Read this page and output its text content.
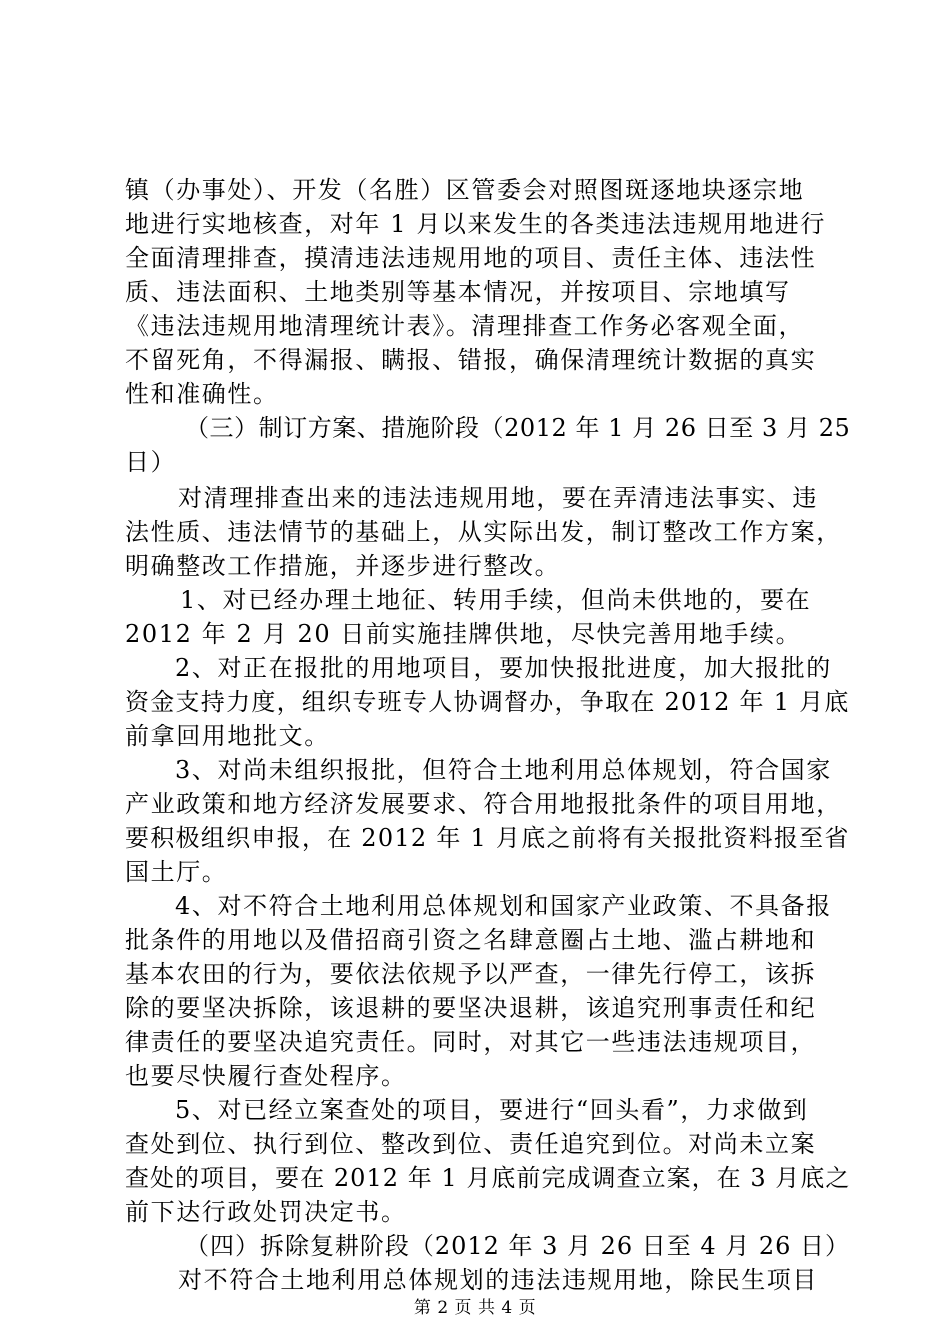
镇（办事处）、开发（名胜）区管委会对照图斑逐地块逐宗地
地进行实地核查，对年 1 月以来发生的各类违法违规用地进行
全面清理排查，摸清违法违规用地的项目、责任主体、违法性
质、违法面积、土地类别等基本情况，并按项目、宗地填写
《违法违规用地清理统计表》。清理排查工作务必客观全面，
不留死角，不得漏报、瞒报、错报，确保清理统计数据的真实
性和准确性。
（三）制订方案、措施阶段（2012 年 1 月 26 日至 3 月 25
日）
对清理排查出来的违法违规用地，要在弄清违法事实、违
法性质、违法情节的基础上，从实际出发，制订整改工作方案，
明确整改工作措施，并逐步进行整改。
1、对已经办理土地征、转用手续，但尚未供地的，要在
2012 年 2 月 20 日前实施挂牌供地，尽快完善用地手续。
2、对正在报批的用地项目，要加快报批进度，加大报批的
资金支持力度，组织专班专人协调督办，争取在 2012 年 1 月底
前拿回用地批文。
3、对尚未组织报批，但符合土地利用总体规划，符合国家
产业政策和地方经济发展要求、符合用地报批条件的项目用地，
要积极组织申报，在 2012 年 1 月底之前将有关报批资料报至省
国土厅。
4、对不符合土地利用总体规划和国家产业政策、不具备报
批条件的用地以及借招商引资之名肆意圈占土地、滥占耕地和
基本农田的行为，要依法依规予以严查，一律先行停工，该拆
除的要坚决拆除，该退耕的要坚决退耕，该追究刑事责任和纪
律责任的要坚决追究责任。同时，对其它一些违法违规项目，
也要尽快履行查处程序。
5、对已经立案查处的项目，要进行“回头看”，力求做到
查处到位、执行到位、整改到位、责任追究到位。对尚未立案
查处的项目，要在 2012 年 1 月底前完成调查立案，在 3 月底之
前下达行政处罚决定书。
（四）拆除复耕阶段（2012 年 3 月 26 日至 4 月 26 日）
对不符合土地利用总体规划的违法违规用地，除民生项目
第 2 页 共 4 页
